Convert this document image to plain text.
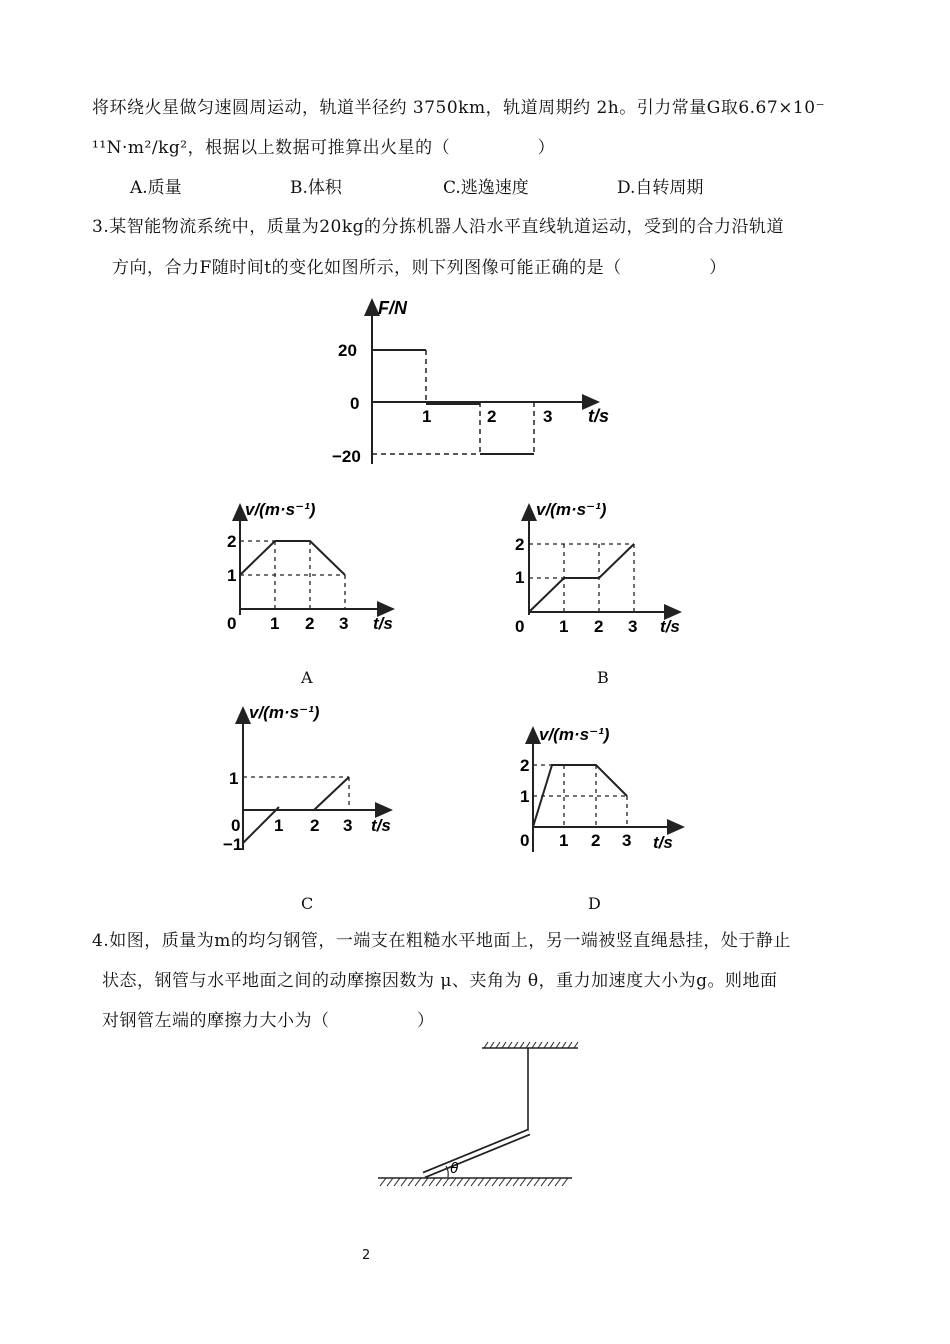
将环绕火星做匀速圆周运动，轨道半径约 3750km，轨道周期约 2h。引力常量G取6.67×10⁻
¹¹N·m²/kg²，根据以上数据可推算出火星的（　　　　　）
A.质量	B.体积	C.逃逸速度	D.自转周期
3.某智能物流系统中，质量为20kg的分拣机器人沿水平直线轨道运动，受到的合力沿轨道
方向，合力F随时间t的变化如图所示，则下列图像可能正确的是（　　　　　）
F/N
t/s
20
0
−20
1	2	3
v/(m·s⁻¹)
t/s
2
1
0 1 2 3
A
v/(m·s⁻¹)
t/s
2
1
0 1 2 3
B
v/(m·s⁻¹)
t/s
1
−1
0 1 2 3
C
v/(m·s⁻¹)
t/s
2
1
0 1 2 3
D
4.如图，质量为m的均匀钢管，一端支在粗糙水平地面上，另一端被竖直绳悬挂，处于静止
状态，钢管与水平地面之间的动摩擦因数为 μ、夹角为 θ，重力加速度大小为g。则地面
对钢管左端的摩擦力大小为（　　　　　）
θ
2
